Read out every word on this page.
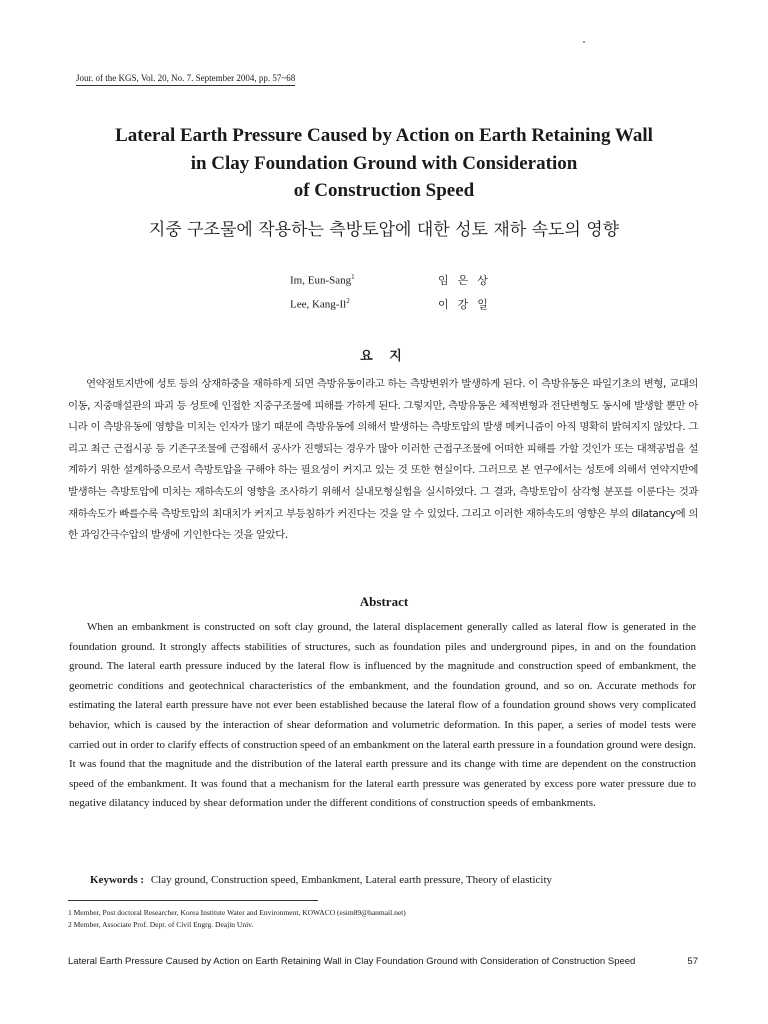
Jour. of the KGS, Vol. 20, No. 7. September 2004, pp. 57~68
Lateral Earth Pressure Caused by Action on Earth Retaining Wall
in Clay Foundation Ground with Consideration
of Construction Speed
지중 구조물에 작용하는 측방토압에 대한 성토 재하 속도의 영향
Im, Eun-Sang$^1$	임은상
Lee, Kang-Il$^2$	이강일
요 지
연약점토지반에 성토 등의 상재하중을 재하하게 되면 측방유동이라고 하는 측방변위가 발생하게 된다. 이 측방유동은 파일기초의 변형, 교대의 이동, 지중매설관의 파괴 등 성토에 인접한 지중구조물에 피해를 가하게 된다. 그렇지만, 측방유동은 체적변형과 전단변형도 동시에 발생할 뿐만 아니라 이 측방유동에 영향을 미치는 인자가 많기 때문에 측방유동에 의해서 발생하는 측방토압의 발생 메커니즘이 아직 명확히 밝혀지지 않았다. 그리고 최근 근접시공 등 기존구조물에 근접해서 공사가 진행되는 경우가 많아 이러한 근접구조물에 어떠한 피해를 가할 것인가 또는 대책공법을 설계하기 위한 설계하중으로서 측방토압을 구해야 하는 필요성이 커지고 있는 것 또한 현실이다. 그러므로 본 연구에서는 성토에 의해서 연약지반에 발생하는 측방토압에 미치는 재하속도의 영향을 조사하기 위해서 실내모형실험을 실시하였다. 그 결과, 측방토압이 삼각형 분포를 이룬다는 것과 재하속도가 빠를수록 측방토압의 최대치가 커지고 부등침하가 커진다는 것을 알 수 있었다. 그리고 이러한 재하속도의 영향은 부의 dilatancy에 의한 과잉간극수압의 발생에 기인한다는 것을 알았다.
Abstract
When an embankment is constructed on soft clay ground, the lateral displacement generally called as lateral flow is generated in the foundation ground. It strongly affects stabilities of structures, such as foundation piles and underground pipes, in and on the foundation ground. The lateral earth pressure induced by the lateral flow is influenced by the magnitude and construction speed of embankment, the geometric conditions and geotechnical characteristics of the embankment, and the foundation ground, and so on. Accurate methods for estimating the lateral earth pressure have not ever been established because the lateral flow of a foundation ground shows very complicated behavior, which is caused by the interaction of shear deformation and volumetric deformation. In this paper, a series of model tests were carried out in order to clarify effects of construction speed of an embankment on the lateral earth pressure in a foundation ground were design. It was found that the magnitude and the distribution of the lateral earth pressure and its change with time are dependent on the construction speed of the embankment. It was found that a mechanism for the lateral earth pressure was generated by excess pore water pressure due to negative dilatancy induced by shear deformation under the different conditions of construction speeds of embankments.
Keywords : Clay ground, Construction speed, Embankment, Lateral earth pressure, Theory of elasticity
1 Member, Post doctoral Researcher, Korea Institute Water and Environment, KOWACO (esim89@hanmail.net)
2 Member, Associate Prof. Dept. of Civil Engrg. Deajin Univ.
Lateral Earth Pressure Caused by Action on Earth Retaining Wall in Clay Foundation Ground with Consideration of Construction Speed	57
